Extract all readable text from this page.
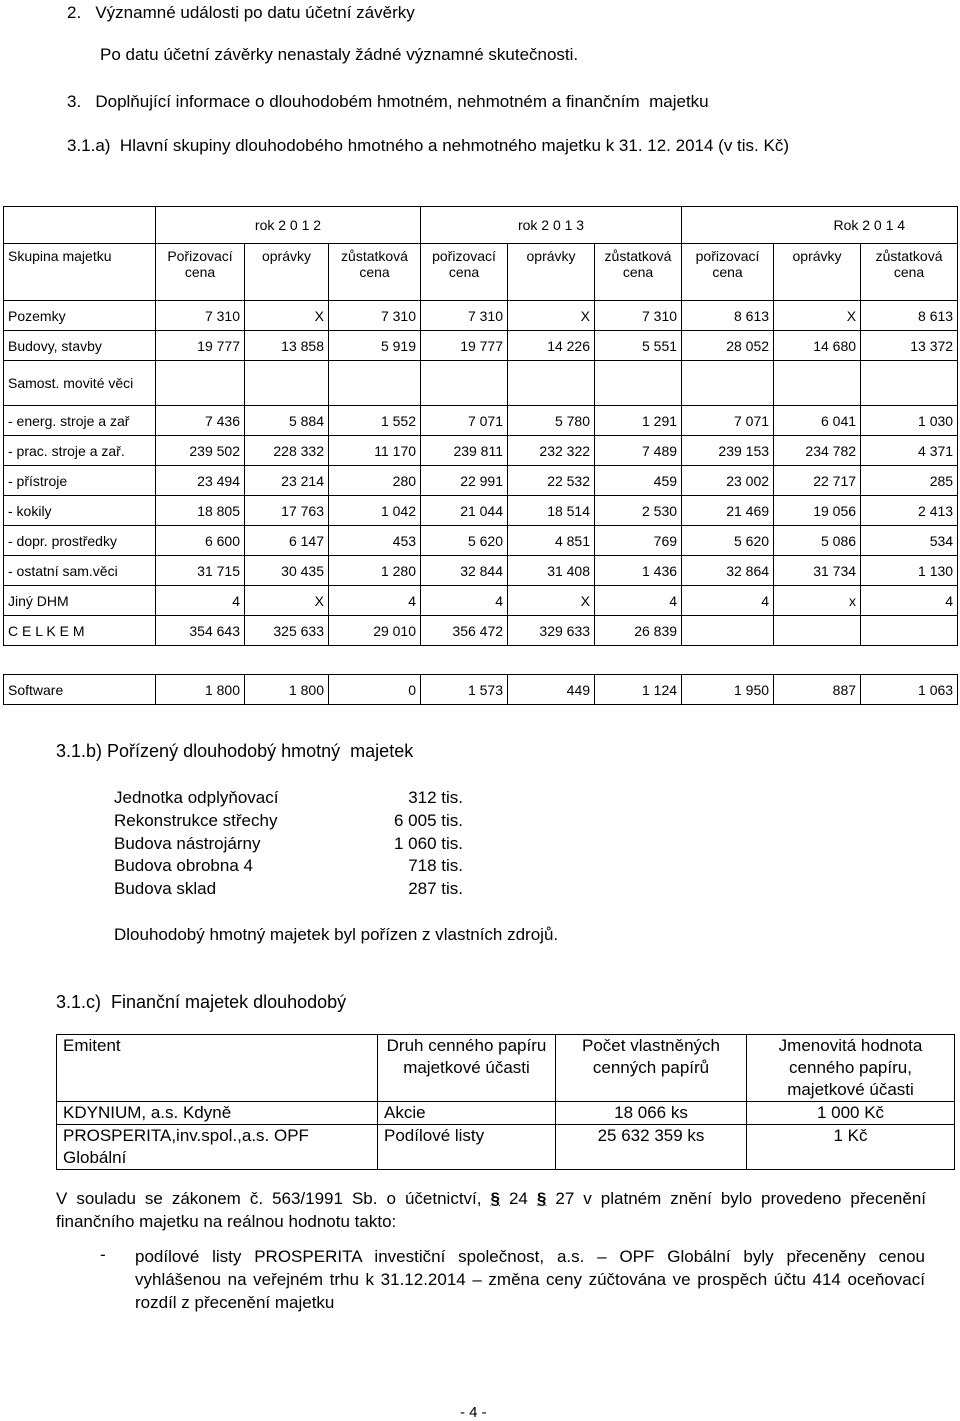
2.   Významné události po datu účetní závěrky
Po datu účetní závěrky nenastaly žádné významné skutečnosti.
3.   Doplňující informace o dlouhodobém hmotném, nehmotném a finančním  majetku
3.1.a)  Hlavní skupiny dlouhodobého hmotného a nehmotného majetku k 31. 12. 2014 (v tis. Kč)
	rok 2 0 1 2			rok 2 0 1 3			Rok 2 0 1 4		
Skupina majetku	Pořizovací cena	oprávky	zůstatková cena	pořizovací cena	oprávky	zůstatková cena	pořizovací cena	oprávky	zůstatková cena
Pozemky	7 310	X	7 310	7 310	X	7 310	8 613	X	8 613
Budovy, stavby	19 777	13 858	5 919	19 777	14 226	5 551	28 052	14 680	13 372
Samost. movité věci									
- energ. stroje a zař	7 436	5 884	1 552	7 071	5 780	1 291	7 071	6 041	1 030
- prac. stroje a zař.	239 502	228 332	11 170	239 811	232 322	7 489	239 153	234 782	4 371
- přístroje	23 494	23 214	280	22 991	22 532	459	23 002	22 717	285
- kokily	18 805	17 763	1 042	21 044	18 514	2 530	21 469	19 056	2 413
- dopr. prostředky	6 600	6 147	453	5 620	4 851	769	5 620	5 086	534
- ostatní sam.věci	31 715	30 435	1 280	32 844	31 408	1 436	32 864	31 734	1 130
Jiný DHM	4	X	4	4	X	4	4	x	4
C E L K E M	354 643	325 633	29 010	356 472	329 633	26 839			

Software	1 800	1 800	0	1 573	449	1 124	1 950	887	1 063
3.1.b) Pořízený dlouhodobý hmotný  majetek
Jednotka odplyňovací	312 tis.
Rekonstrukce střechy	6 005 tis.
Budova nástrojárny	1 060 tis.
Budova obrobna 4	718 tis.
Budova sklad	287 tis.
Dlouhodobý hmotný majetek byl pořízen z vlastních zdrojů.
3.1.c)  Finanční majetek dlouhodobý
Emitent	Druh cenného papíru majetkové účasti	Počet vlastněných cenných papírů	Jmenovitá hodnota cenného papíru, majetkové účasti
KDYNIUM, a.s. Kdyně	Akcie	18 066 ks	1 000 Kč
PROSPERITA,inv.spol.,a.s. OPF Globální	Podílové listy	25 632 359 ks	1 Kč
V souladu se zákonem č. 563/1991 Sb. o účetnictví, § 24 § 27 v platném znění bylo provedeno přecenění finančního majetku na reálnou hodnotu takto:
- podílové listy PROSPERITA investiční společnost, a.s. – OPF Globální byly přeceněny cenou vyhlášenou na veřejném trhu k 31.12.2014 – změna ceny zúčtována ve prospěch účtu 414 oceňovací rozdíl z přecenění majetku
- 4 -
